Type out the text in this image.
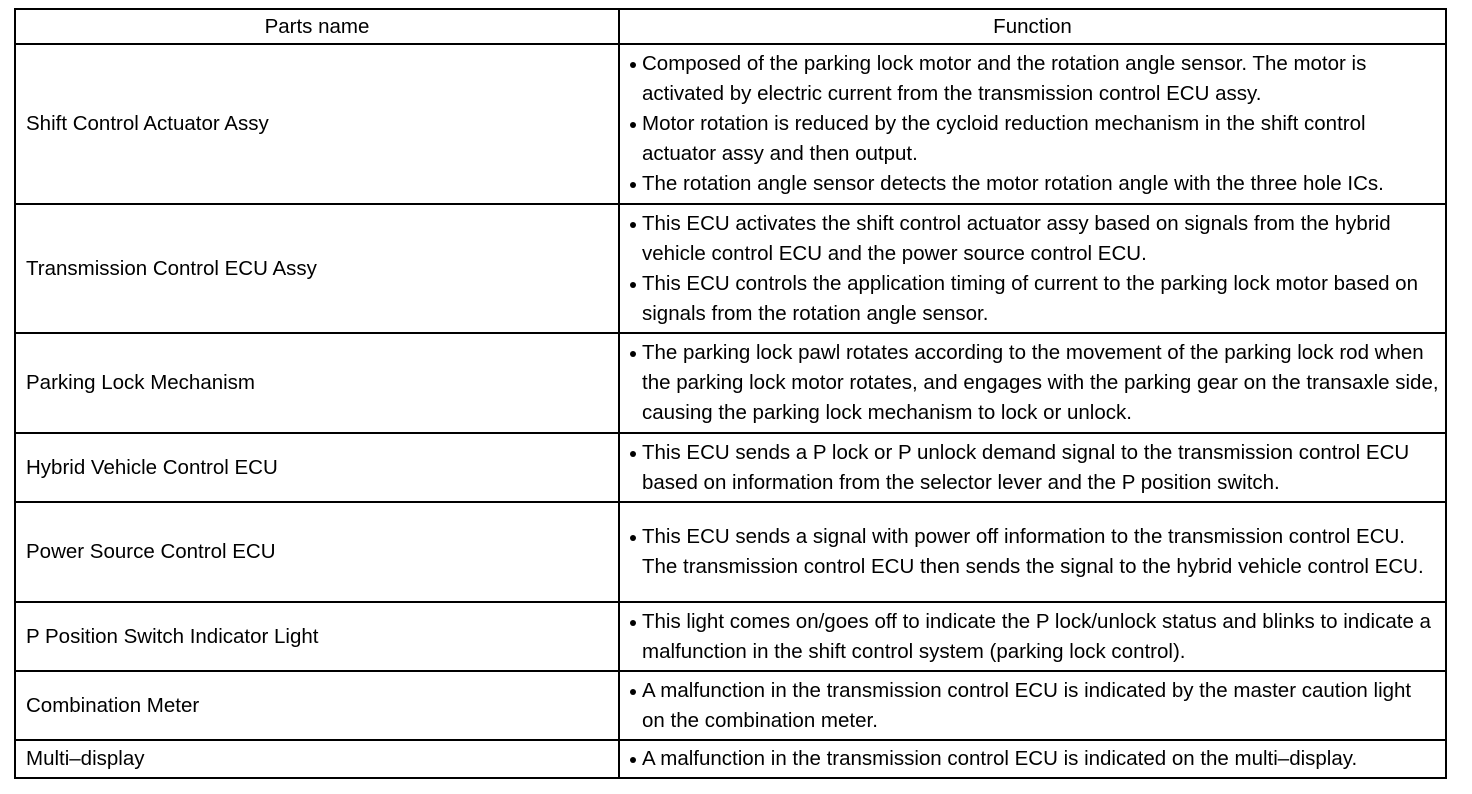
Parts name	Function
Shift Control Actuator Assy	Composed of the parking lock motor and the rotation angle sensor. The motor is activated by electric current from the transmission control ECU assy.
Motor rotation is reduced by the cycloid reduction mechanism in the shift control actuator assy and then output.
The rotation angle sensor detects the motor rotation angle with the three hole ICs.

Transmission Control ECU Assy	This ECU activates the shift control actuator assy based on signals from the hybrid vehicle control ECU and the power source control ECU.
This ECU controls the application timing of current to the parking lock motor based on signals from the rotation angle sensor.

Parking Lock Mechanism	The parking lock pawl rotates according to the movement of the parking lock rod when the parking lock motor rotates, and engages with the parking gear on the transaxle side, causing the parking lock mechanism to lock or unlock.

Hybrid Vehicle Control ECU	This ECU sends a P lock or P unlock demand signal to the transmission control ECU based on information from the selector lever and the P position switch.

Power Source Control ECU	This ECU sends a signal with power off information to the transmission control ECU. The transmission control ECU then sends the signal to the hybrid vehicle control ECU.

P Position Switch Indicator Light	This light comes on/goes off to indicate the P lock/unlock status and blinks to indicate a malfunction in the shift control system (parking lock control).

Combination Meter	A malfunction in the transmission control ECU is indicated by the master caution light on the combination meter.

Multi–display	A malfunction in the transmission control ECU is indicated on the multi–display.
